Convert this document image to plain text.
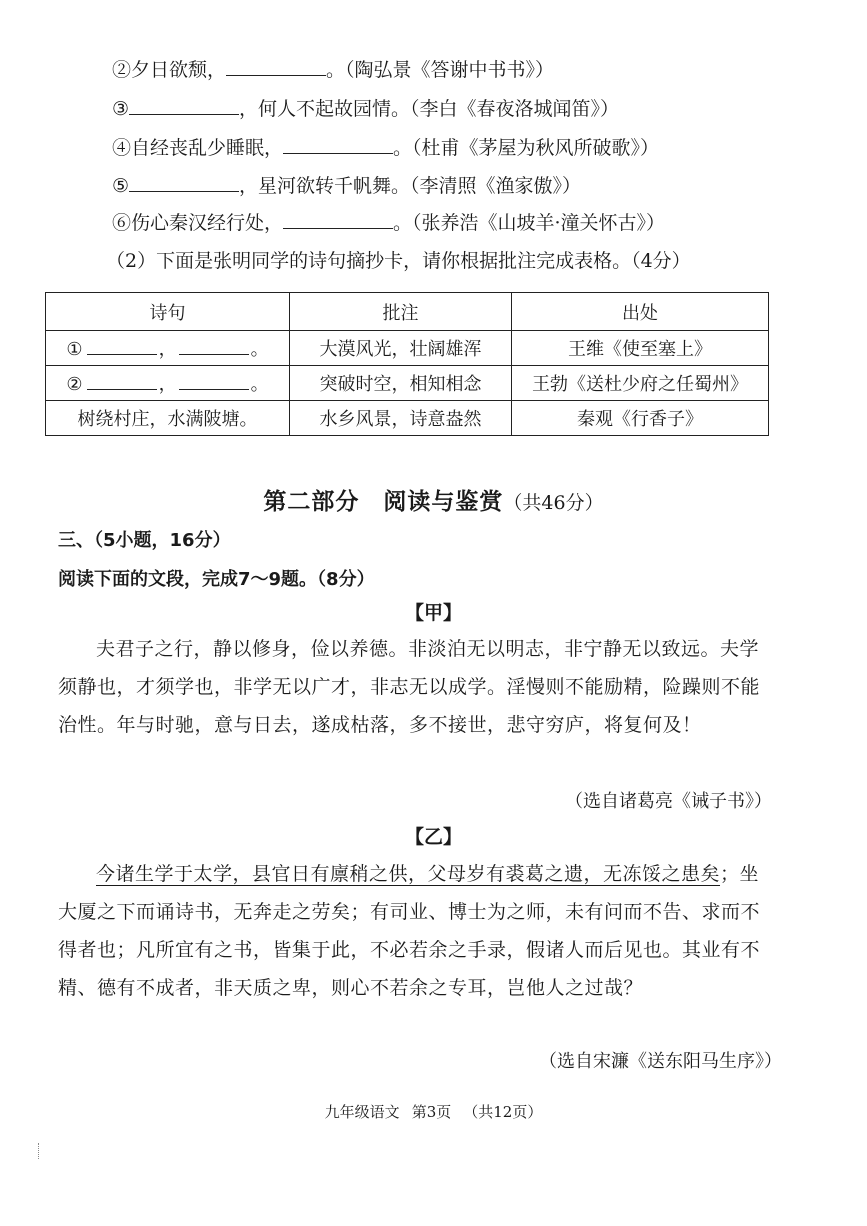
②夕日欲颓，	。（陶弘景《答谢中书书》）
③	，何人不起故园情。（李白《春夜洛城闻笛》）
④自经丧乱少睡眠，	。（杜甫《茅屋为秋风所破歌》）
⑤	，星河欲转千帆舞。（李清照《渔家傲》）
⑥伤心秦汉经行处，	。（张养浩《山坡羊·潼关怀古》）
（2）下面是张明同学的诗句摘抄卡，请你根据批注完成表格。（4分）
诗句	批注	出处
① ， 。	大漠风光，壮阔雄浑	王维《使至塞上》
② ， 。	突破时空，相知相念	王勃《送杜少府之任蜀州》
树绕村庄，水满陂塘。	水乡风景，诗意盎然	秦观《行香子》
第二部分　阅读与鉴赏（共46分）
三、（5小题，16分）
阅读下面的文段，完成7～9题。（8分）
【甲】

夫君子之行，静以修身，俭以养德。非淡泊无以明志，非宁静无以致远。夫学须静也，才须学也，非学无以广才，非志无以成学。淫慢则不能励精，险躁则不能治性。年与时驰，意与日去，遂成枯落，多不接世，悲守穷庐，将复何及！

（选自诸葛亮《诫子书》）
【乙】

今诸生学于太学，县官日有廪稍之供，父母岁有裘葛之遗，无冻馁之患矣；坐大厦之下而诵诗书，无奔走之劳矣；有司业、博士为之师，未有问而不告、求而不得者也；凡所宜有之书，皆集于此，不必若余之手录，假诸人而后见也。其业有不精、德有不成者，非天质之卑，则心不若余之专耳，岂他人之过哉？

（选自宋濂《送东阳马生序》）
九年级语文 第3页 （共12页）
